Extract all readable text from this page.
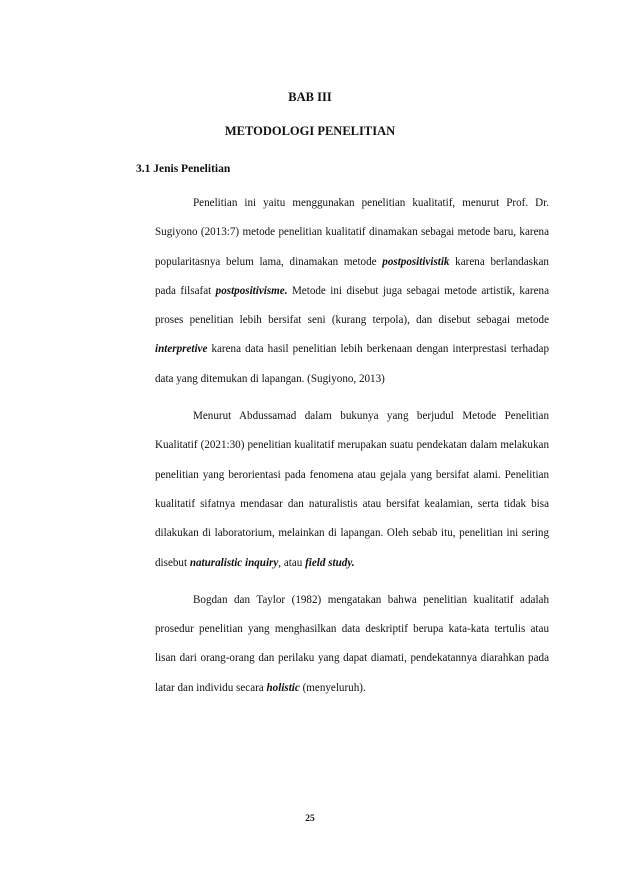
BAB III
METODOLOGI PENELITIAN
3.1 Jenis Penelitian

Penelitian ini yaitu menggunakan penelitian kualitatif, menurut Prof. Dr. Sugiyono (2013:7) metode penelitian kualitatif dinamakan sebagai metode baru, karena popularitasnya belum lama, dinamakan metode postpositivistik karena berlandaskan pada filsafat postpositivisme. Metode ini disebut juga sebagai metode artistik, karena proses penelitian lebih bersifat seni (kurang terpola), dan disebut sebagai metode interpretive karena data hasil penelitian lebih berkenaan dengan interprestasi terhadap data yang ditemukan di lapangan. (Sugiyono, 2013)

Menurut Abdussamad dalam bukunya yang berjudul Metode Penelitian Kualitatif (2021:30) penelitian kualitatif merupakan suatu pendekatan dalam melakukan penelitian yang berorientasi pada fenomena atau gejala yang bersifat alami. Penelitian kualitatif sifatnya mendasar dan naturalistis atau bersifat kealamian, serta tidak bisa dilakukan di laboratorium, melainkan di lapangan. Oleh sebab itu, penelitian ini sering disebut naturalistic inquiry, atau field study.

Bogdan dan Taylor (1982) mengatakan bahwa penelitian kualitatif adalah prosedur penelitian yang menghasilkan data deskriptif berupa kata-kata tertulis atau lisan dari orang-orang dan perilaku yang dapat diamati, pendekatannya diarahkan pada latar dan individu secara holistic (menyeluruh).

25
